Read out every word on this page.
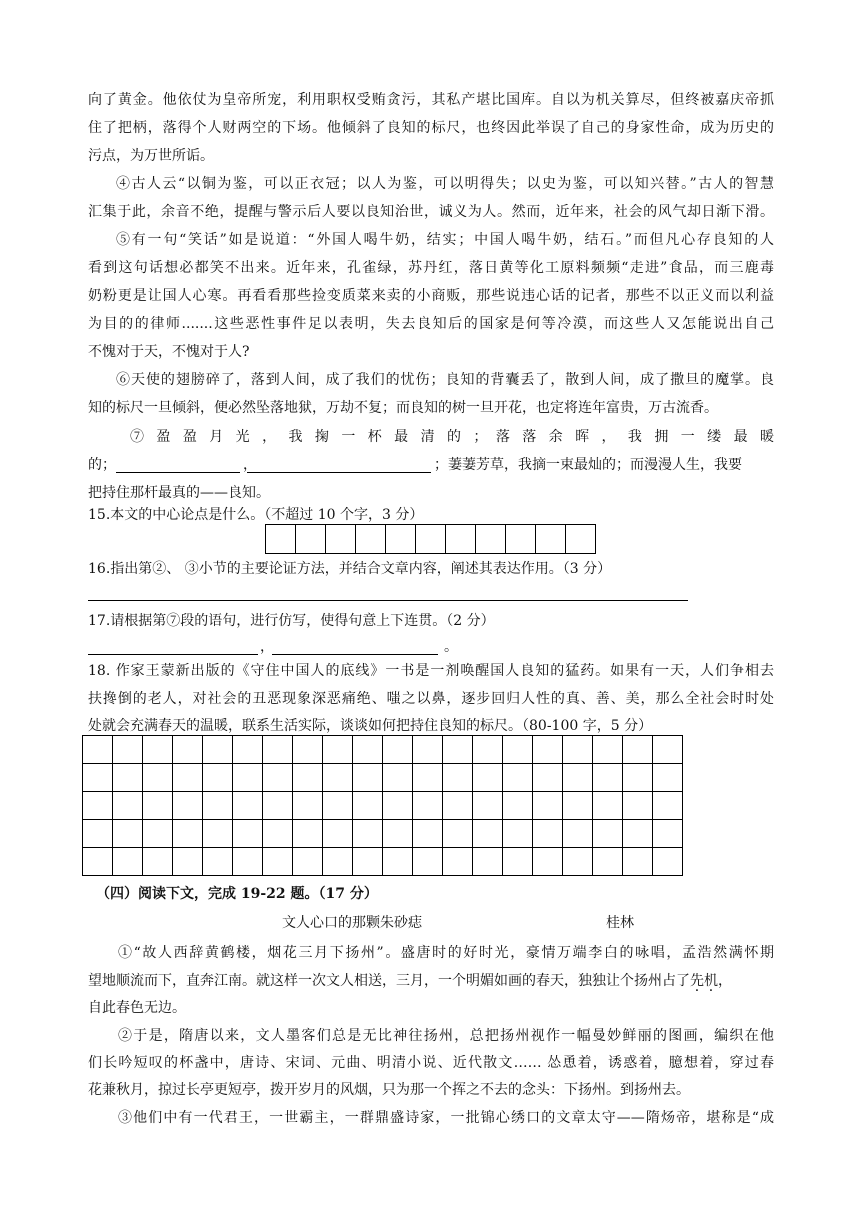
向了黄金。他依仗为皇帝所宠，利用职权受贿贪污，其私产堪比国库。自以为机关算尽，但终被嘉庆帝抓
住了把柄，落得个人财两空的下场。他倾斜了良知的标尺，也终因此举误了自己的身家性命，成为历史的
污点，为万世所诟。
④古人云“以铜为鉴，可以正衣冠；以人为鉴，可以明得失；以史为鉴，可以知兴替。”古人的智慧
汇集于此，余音不绝，提醒与警示后人要以良知治世，诚义为人。然而，近年来，社会的风气却日渐下滑。
⑤有一句“笑话”如是说道：“外国人喝牛奶，结实；中国人喝牛奶，结石。”而但凡心存良知的人
看到这句话想必都笑不出来。近年来，孔雀绿，苏丹红，落日黄等化工原料频频“走进”食品，而三鹿毒
奶粉更是让国人心寒。再看看那些捡变质菜来卖的小商贩，那些说违心话的记者，那些不以正义而以利益
为目的的律师.......这些恶性事件足以表明，失去良知后的国家是何等冷漠，而这些人又怎能说出自己
不愧对于天，不愧对于人?
⑥天使的翅膀碎了，落到人间，成了我们的忧伤；良知的背囊丢了，散到人间，成了撒旦的魔掌。良
知的标尺一旦倾斜，便必然坠落地狱，万劫不复；而良知的树一旦开花，也定将连年富贵，万古流香。
⑦ 盈 盈 月 光 ， 我 掬 一 杯 最 清 的 ； 落 落 余 晖 ， 我 拥 一 缕 最 暖
的；	，	；萋萋芳草，我摘一束最灿的；而漫漫人生，我要
把持住那杆最真的——良知。
15.本文的中心论点是什么。（不超过 10 个字，3 分）

16.指出第②、 ③小节的主要论证方法，并结合文章内容，阐述其表达作用。（3 分）
17.请根据第⑦段的语句，进行仿写，使得句意上下连贯。（2 分）
，	。
18. 作家王蒙新出版的《守住中国人的底线》一书是一剂唤醒国人良知的猛药。如果有一天，人们争相去
扶搀倒的老人，对社会的丑恶现象深恶痛绝、嗤之以鼻，逐步回归人性的真、善、美，那么全社会时时处
处就会充满春天的温暖，联系生活实际，谈谈如何把持住良知的标尺。（80-100 字，5 分）

（四）阅读下文，完成 19-22 题。（17 分）
文人心口的那颗朱砂痣	桂林
①“故人西辞黄鹤楼，烟花三月下扬州”。盛唐时的好时光，豪情万端李白的咏唱，孟浩然满怀期
望地顺流而下，直奔江南。就这样一次文人相送，三月，一个明媚如画的春天，独独让个扬州占了先机，
自此春色无边。
②于是，隋唐以来，文人墨客们总是无比神往扬州，总把扬州视作一幅曼妙鲜丽的图画，编织在他
们长吟短叹的杯盏中，唐诗、宋词、元曲、明清小说、近代散文…… 怂恿着，诱惑着，臆想着，穿过春
花兼秋月，掠过长亭更短亭，拨开岁月的风烟，只为那一个挥之不去的念头：下扬州。到扬州去。
③他们中有一代君王，一世霸主，一群鼎盛诗家，一批锦心绣口的文章太守——隋炀帝，堪称是“成
